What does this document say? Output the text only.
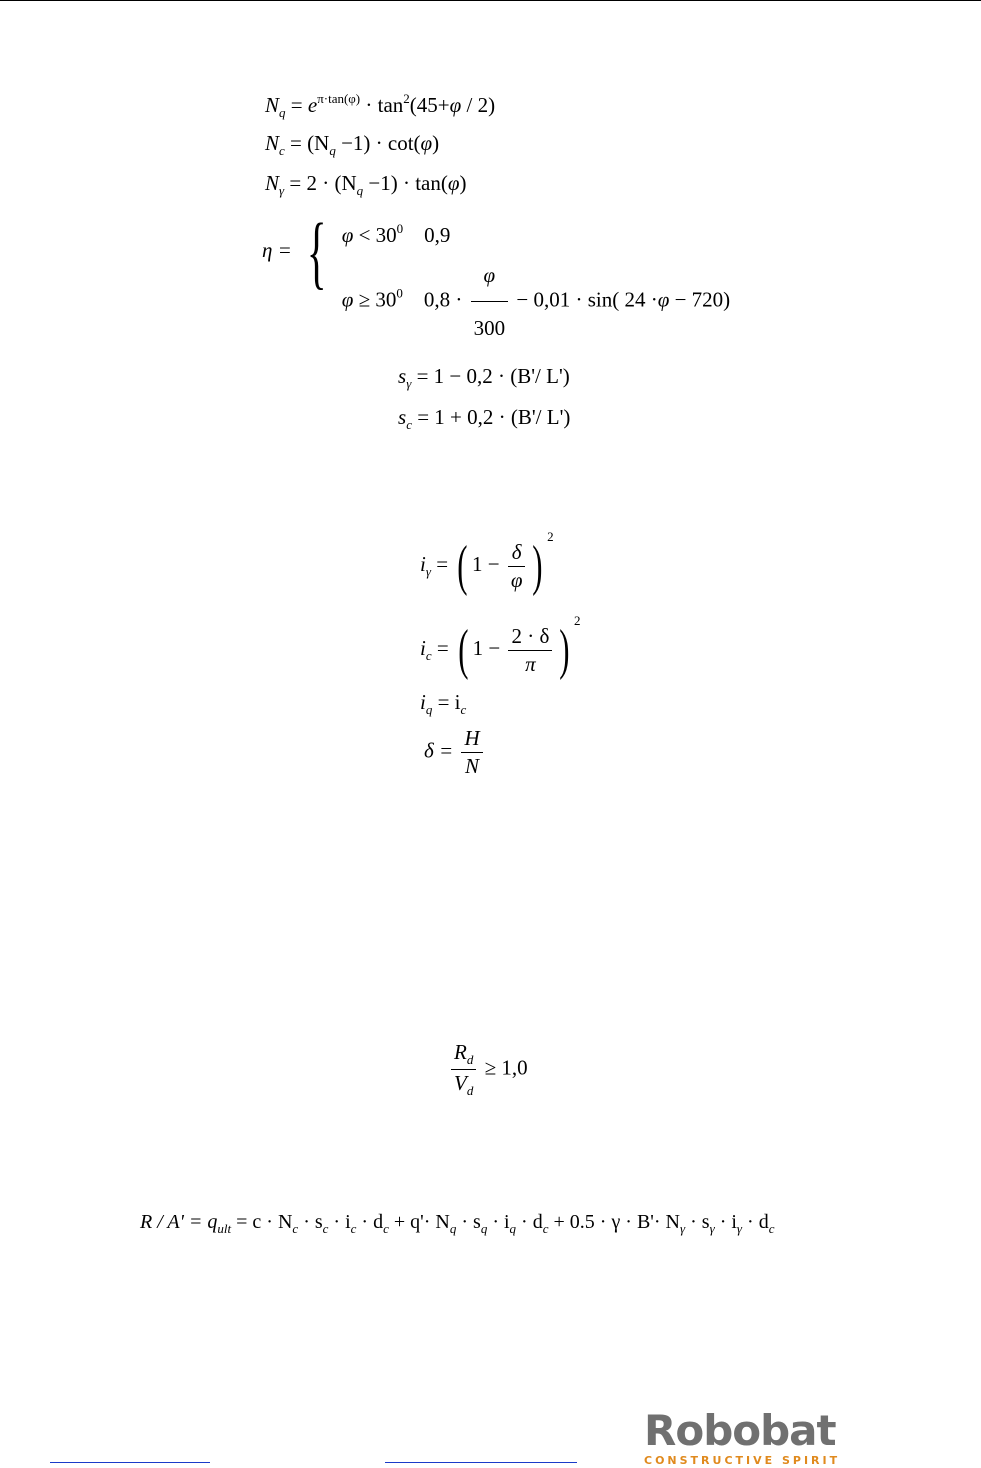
$N_q = e^{\pi\cdot tan(\varphi)} \cdot \tan^2(45+\varphi / 2)$
$N_c = (N_q -1) \cdot \cot(\varphi)$
$N_\gamma = 2 \cdot (N_q -1) \cdot \tan(\varphi)$
η = { $\varphi < 30^0$ 0,9
$\varphi \ge 30^0$ $0,8 \cdot \frac{\varphi}{300} - 0,01 \cdot \sin$( 24 ·φ − 720)
$s_\gamma = 1 - 0,2 \cdot (B'/$ L')
$s_c = 1 + 0,2 \cdot (B'/$ L')
$i_\gamma$ = ( $1 - \frac{\delta}{\varphi}$ ) $^2$
$i_c$ = ( $1 - \frac{2 \cdot \delta}{\pi}$ ) $^2$
$i_q = i_c$
$\delta = \frac{H}{N}$
$\frac{R_d}{V_d} \ge 1,0$
$R / A' = q_{ult} = c \cdot N_c \cdot s_c \cdot i_c \cdot d_c + q'\cdot N_q \cdot s_q \cdot i_q \cdot d_c + 0.5 \cdot \gamma \cdot B'\cdot N_\gamma \cdot s_\gamma \cdot i_\gamma \cdot d_c$
Robobat
CONSTRUCTIVE SPIRIT
